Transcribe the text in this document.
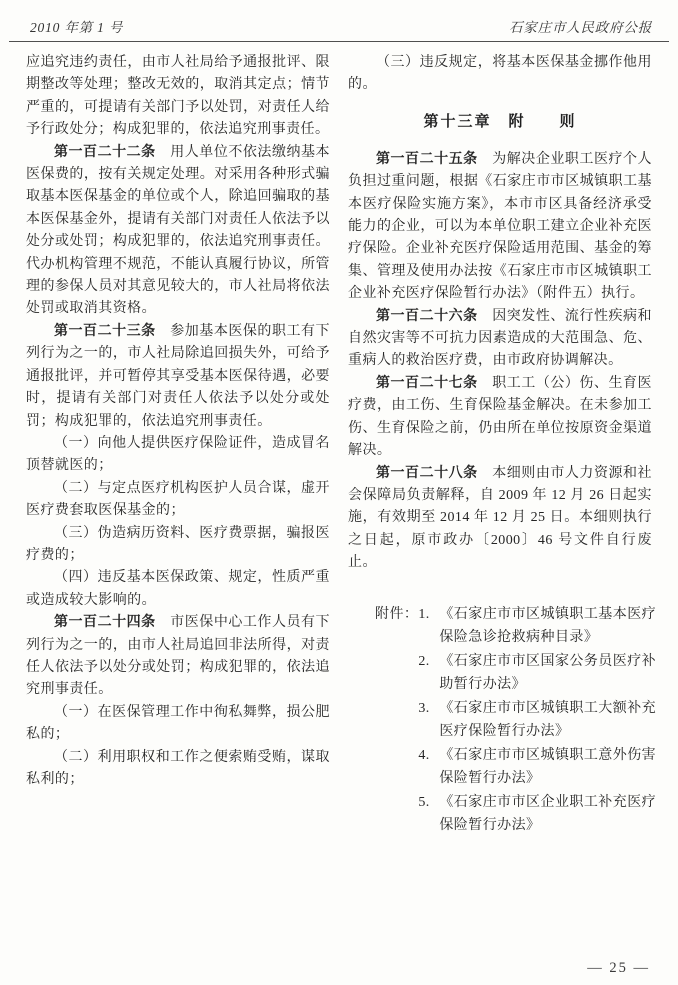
2010 年第 1 号	石家庄市人民政府公报

应追究违约责任，由市人社局给予通报批评、限期整改等处理；整改无效的，取消其定点；情节严重的，可提请有关部门予以处罚，对责任人给予行政处分；构成犯罪的，依法追究刑事责任。

第一百二十二条　用人单位不依法缴纳基本医保费的，按有关规定处理。对采用各种形式骗取基本医保基金的单位或个人，除追回骗取的基本医保基金外，提请有关部门对责任人依法予以处分或处罚；构成犯罪的，依法追究刑事责任。代办机构管理不规范，不能认真履行协议，所管理的参保人员对其意见较大的，市人社局将依法处罚或取消其资格。

第一百二十三条　参加基本医保的职工有下列行为之一的，市人社局除追回损失外，可给予通报批评，并可暂停其享受基本医保待遇，必要时，提请有关部门对责任人依法予以处分或处罚；构成犯罪的，依法追究刑事责任。

（一）向他人提供医疗保险证件，造成冒名顶替就医的；

（二）与定点医疗机构医护人员合谋，虚开医疗费套取医保基金的；

（三）伪造病历资料、医疗费票据，骗报医疗费的；

（四）违反基本医保政策、规定，性质严重或造成较大影响的。

第一百二十四条　市医保中心工作人员有下列行为之一的，由市人社局追回非法所得，对责任人依法予以处分或处罚；构成犯罪的，依法追究刑事责任。

（一）在医保管理工作中徇私舞弊，损公肥私的；

（二）利用职权和工作之便索贿受贿，谋取私利的；

（三）违反规定，将基本医保基金挪作他用的。

第十三章　附　　则

第一百二十五条　为解决企业职工医疗个人负担过重问题，根据《石家庄市市区城镇职工基本医疗保险实施方案》，本市市区具备经济承受能力的企业，可以为本单位职工建立企业补充医疗保险。企业补充医疗保险适用范围、基金的筹集、管理及使用办法按《石家庄市市区城镇职工企业补充医疗保险暂行办法》（附件五）执行。

第一百二十六条　因突发性、流行性疾病和自然灾害等不可抗力因素造成的大范围急、危、重病人的救治医疗费，由市政府协调解决。

第一百二十七条　职工工（公）伤、生育医疗费，由工伤、生育保险基金解决。在未参加工伤、生育保险之前，仍由所在单位按原资金渠道解决。

第一百二十八条　本细则由市人力资源和社会保障局负责解释，自 2009 年 12 月 26 日起实施，有效期至 2014 年 12 月 25 日。本细则执行之日起，原市政办〔2000〕46 号文件自行废止。

附件： 1. 《石家庄市市区城镇职工基本医疗保险急诊抢救病种目录》
2. 《石家庄市市区国家公务员医疗补助暂行办法》
3. 《石家庄市市区城镇职工大额补充医疗保险暂行办法》
4. 《石家庄市市区城镇职工意外伤害保险暂行办法》
5. 《石家庄市市区企业职工补充医疗保险暂行办法》
— 25 —
